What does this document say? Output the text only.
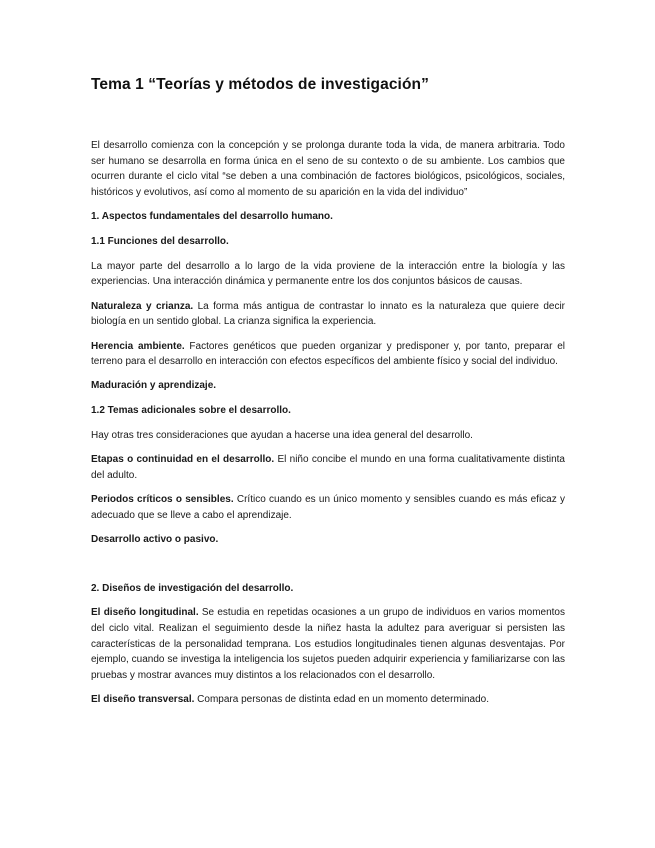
Tema 1 “Teorías y métodos de investigación”

El desarrollo comienza con la concepción y se prolonga durante toda la vida, de manera arbitraria. Todo ser humano se desarrolla en forma única en el seno de su contexto o de su ambiente. Los cambios que ocurren durante el ciclo vital “se deben a una combinación de factores biológicos, psicológicos, sociales, históricos y evolutivos, así como al momento de su aparición en la vida del individuo”

1. Aspectos fundamentales del desarrollo humano.

1.1 Funciones del desarrollo.

La mayor parte del desarrollo a lo largo de la vida proviene de la interacción entre la biología y las experiencias. Una interacción dinámica y permanente entre los dos conjuntos básicos de causas.

Naturaleza y crianza. La forma más antigua de contrastar lo innato es la naturaleza que quiere decir biología en un sentido global. La crianza significa la experiencia.

Herencia ambiente. Factores genéticos que pueden organizar y predisponer y, por tanto, preparar el terreno para el desarrollo en interacción con efectos específicos del ambiente físico y social del individuo.

Maduración y aprendizaje.

1.2 Temas adicionales sobre el desarrollo.

Hay otras tres consideraciones que ayudan a hacerse una idea general del desarrollo.

Etapas o continuidad en el desarrollo. El niño concibe el mundo en una forma cualitativamente distinta del adulto.

Periodos críticos o sensibles. Crítico cuando es un único momento y sensibles cuando es más eficaz y adecuado que se lleve a cabo el aprendizaje.

Desarrollo activo o pasivo.

2. Diseños de investigación del desarrollo.

El diseño longitudinal. Se estudia en repetidas ocasiones a un grupo de individuos en varios momentos del ciclo vital. Realizan el seguimiento desde la niñez hasta la adultez para averiguar si persisten las características de la personalidad temprana. Los estudios longitudinales tienen algunas desventajas. Por ejemplo, cuando se investiga la inteligencia los sujetos pueden adquirir experiencia y familiarizarse con las pruebas y mostrar avances muy distintos a los relacionados con el desarrollo.

El diseño transversal. Compara personas de distinta edad en un momento determinado.
